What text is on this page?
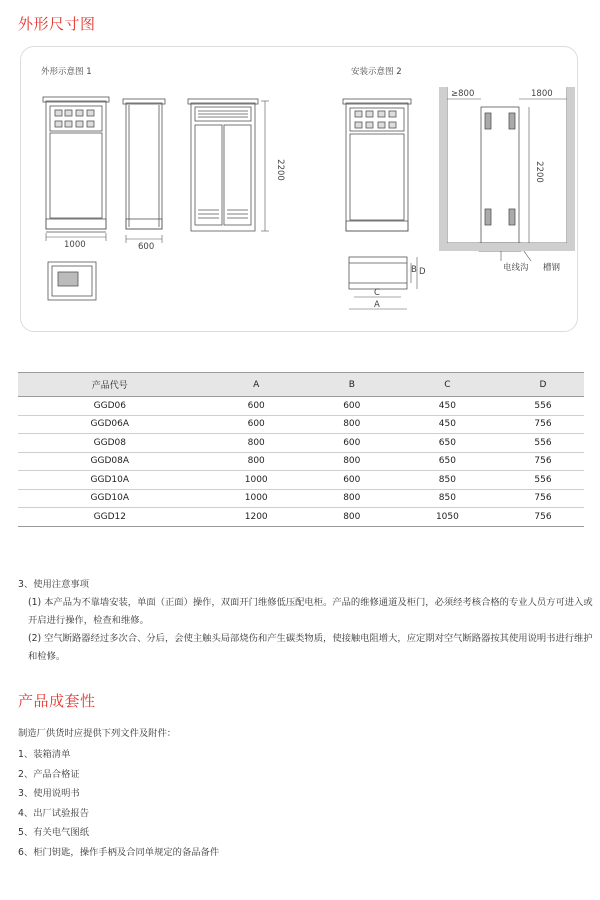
外形尺寸图
外形示意图 1	安装示意图 2
1000	600
2200
≥800	1800
2200
C
A
B D	电线沟 槽钢
产品代号	A	B	C	D
GGD06	600	600	450	556
GGD06A	600	800	450	756
GGD08	800	600	650	556
GGD08A	800	800	650	756
GGD10A	1000	600	850	556
GGD10A	1000	800	850	756
GGD12	1200	800	1050	756

3、使用注意事项

(1) 本产品为不靠墙安装，单面（正面）操作，双面开门维修低压配电柜。产品的维修通道及柜门，必须经考核合格的专业人员方可进入或开启进行操作，检查和维修。

(2) 空气断路器经过多次合、分后，会使主触头局部烧伤和产生碳类物质，使接触电阻增大，应定期对空气断路器按其使用说明书进行维护和检修。

产品成套性
制造厂供货时应提供下列文件及附件：
1、装箱清单
2、产品合格证
3、使用说明书
4、出厂试验报告
5、有关电气图纸
6、柜门钥匙，操作手柄及合同单规定的备品备件
